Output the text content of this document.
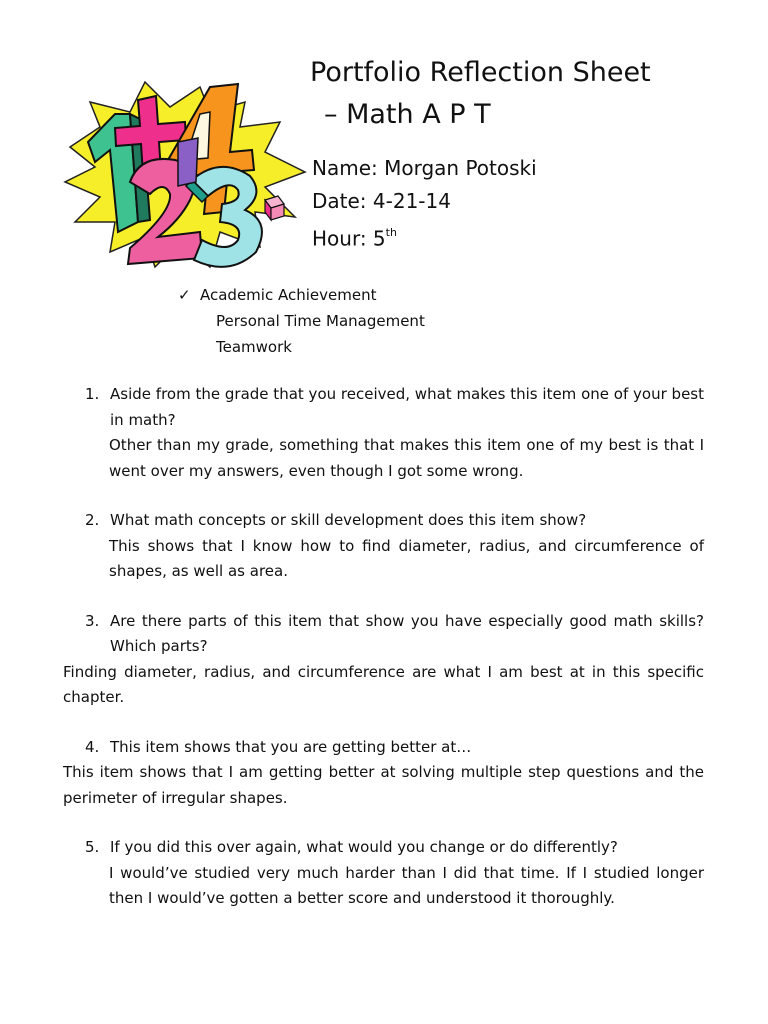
Portfolio Reflection Sheet
– Math A P T
Name: Morgan Potoski
Date: 4-21-14
Hour: 5th
✓ Academic Achievement
Personal Time Management
Teamwork
1. Aside from the grade that you received, what makes this item one of your best in math?
Other than my grade, something that makes this item one of my best is that I went over my answers, even though I got some wrong.
2. What math concepts or skill development does this item show?
This shows that I know how to find diameter, radius, and circumference of shapes, as well as area.
3. Are there parts of this item that show you have especially good math skills? Which parts?
Finding diameter, radius, and circumference are what I am best at in this specific chapter.
4. This item shows that you are getting better at…
This item shows that I am getting better at solving multiple step questions and the perimeter of irregular shapes.
5. If you did this over again, what would you change or do differently?
I would’ve studied very much harder than I did that time. If I studied longer then I would’ve gotten a better score and understood it thoroughly.
